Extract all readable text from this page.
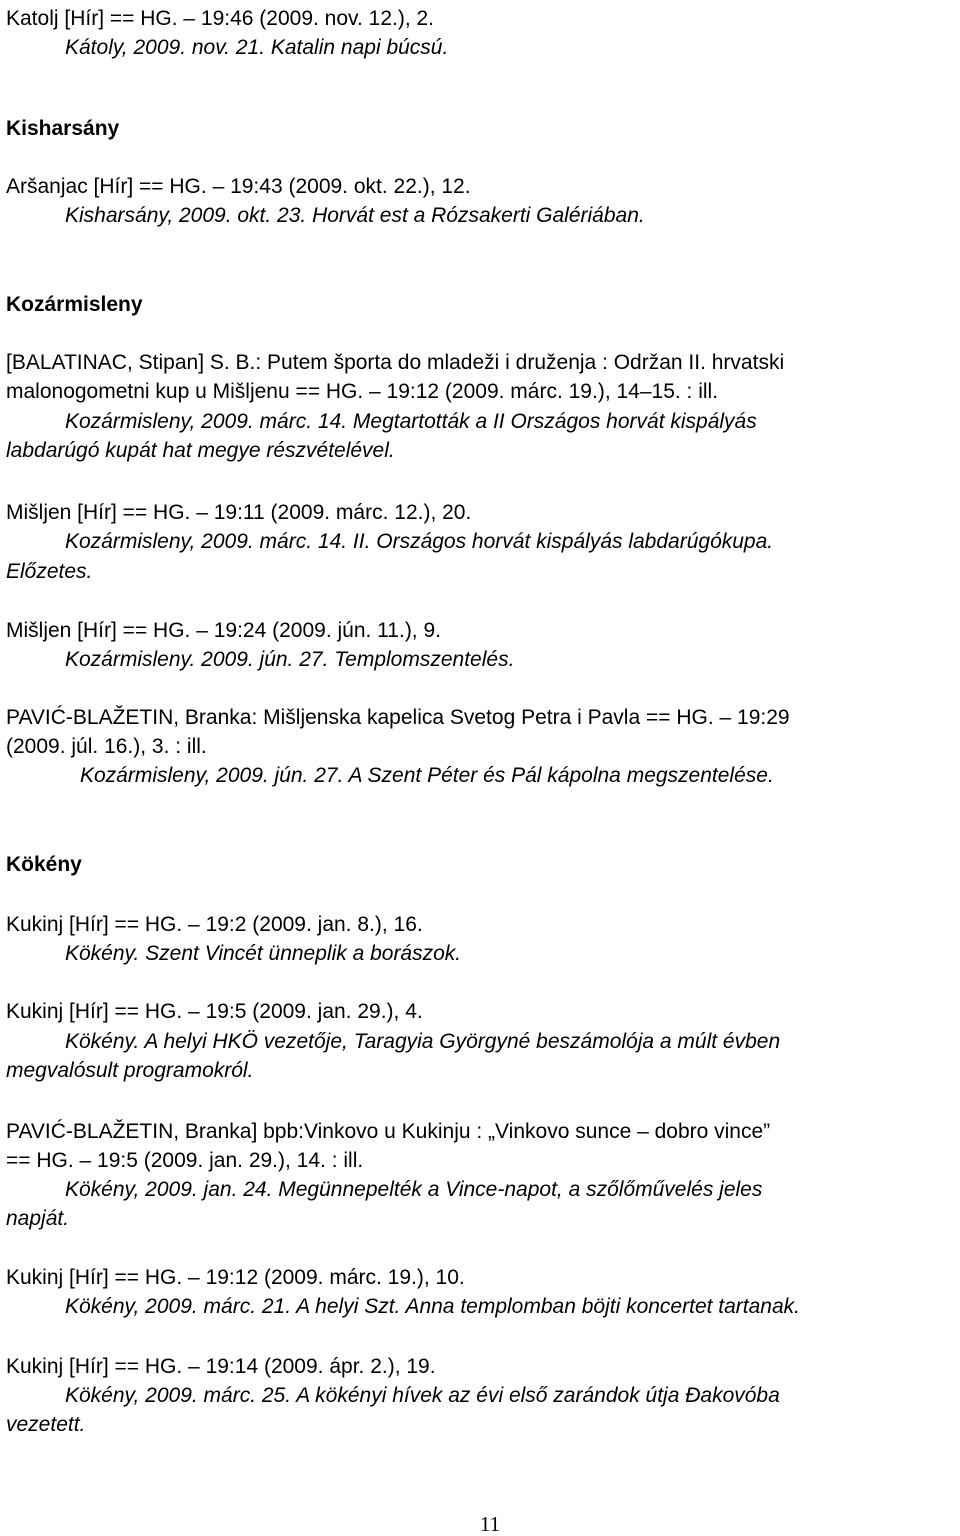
Katolj [Hír] == HG. – 19:46 (2009. nov. 12.), 2.
Kátoly, 2009. nov. 21. Katalin napi búcsú.
Kisharsány
Aršanjac [Hír] == HG. – 19:43 (2009. okt. 22.), 12.
Kisharsány, 2009. okt. 23. Horvát est a Rózsakerti Galériában.
Kozármisleny
[BALATINAC, Stipan] S. B.: Putem športa do mladeži i druženja : Održan II. hrvatski
malonogometni kup u Mišljenu == HG. – 19:12 (2009. márc. 19.), 14–15. : ill.
Kozármisleny, 2009. márc. 14. Megtartották a II Országos horvát kispályás
labdarúgó kupát hat megye részvételével.
Mišljen [Hír] == HG. – 19:11 (2009. márc. 12.), 20.
Kozármisleny, 2009. márc. 14. II. Országos horvát kispályás labdarúgókupa.
Előzetes.
Mišljen [Hír] == HG. – 19:24 (2009. jún. 11.), 9.
Kozármisleny. 2009. jún. 27. Templomszentelés.
PAVIĆ-BLAŽETIN, Branka: Mišljenska kapelica Svetog Petra i Pavla == HG. – 19:29
(2009. júl. 16.), 3. : ill.
Kozármisleny, 2009. jún. 27. A Szent Péter és Pál kápolna megszentelése.
Kökény
Kukinj [Hír] == HG. – 19:2 (2009. jan. 8.), 16.
Kökény. Szent Vincét ünneplik a borászok.
Kukinj [Hír] == HG. – 19:5 (2009. jan. 29.), 4.
Kökény. A helyi HKÖ vezetője, Taragyia Györgyné beszámolója a múlt évben
megvalósult programokról.
PAVIĆ-BLAŽETIN, Branka] bpb:Vinkovo u Kukinju : „Vinkovo sunce – dobro vince”
== HG. – 19:5 (2009. jan. 29.), 14. : ill.
Kökény, 2009. jan. 24. Megünnepelték a Vince-napot, a szőlőművelés jeles
napját.
Kukinj [Hír] == HG. – 19:12 (2009. márc. 19.), 10.
Kökény, 2009. márc. 21. A helyi Szt. Anna templomban böjti koncertet tartanak.
Kukinj [Hír] == HG. – 19:14 (2009. ápr. 2.), 19.
Kökény, 2009. márc. 25. A kökényi hívek az évi első zarándok útja Đakovóba
vezetett.
11
